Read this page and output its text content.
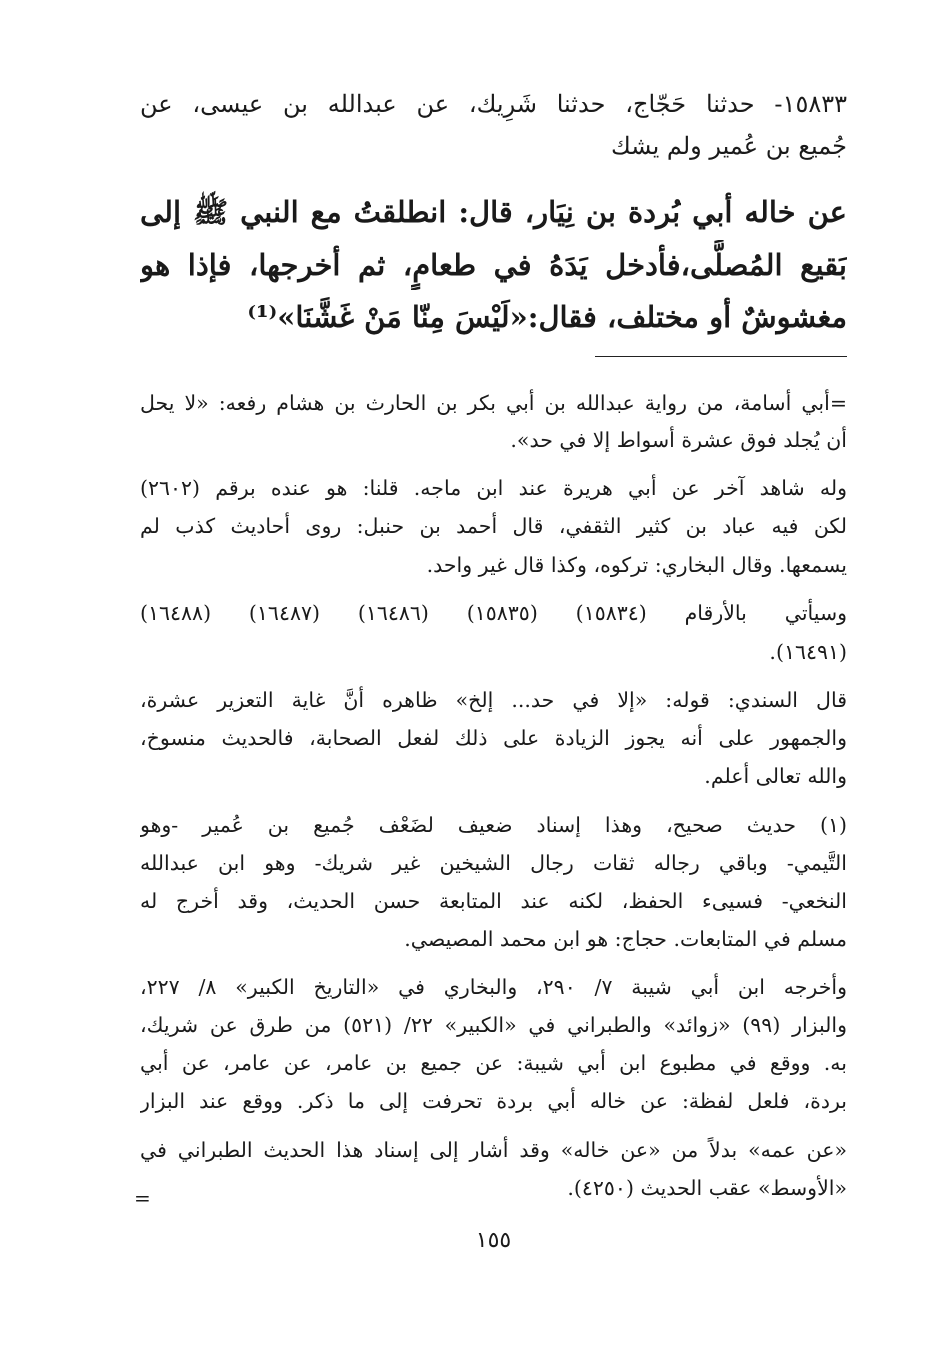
١٥٨٣٣- حدثنا حَجّاج، حدثنا شَرِيك، عن عبدالله بن عيسى، عن
جُميع بن عُمير ولم يشك
عن خاله أبي بُردة بن نِيَار، قال: انطلقتُ مع النبي ﷺ إلى
بَقيع المُصلَّى،فأدخل يَدَهُ في طعامٍ، ثم أخرجها، فإذا هو
مغشوشٌ أو مختلف، فقال:«لَيْسَ مِنّا مَنْ غَشَّنَا»⁽¹⁾
=أبي أسامة، من رواية عبدالله بن أبي بكر بن الحارث بن هشام رفعه: «لا يحل
أن يُجلد فوق عشرة أسواط إلا في حد».
وله شاهد آخر عن أبي هريرة عند ابن ماجه. قلنا: هو عنده برقم (٢٦٠٢)
لكن فيه عباد بن كثير الثقفي، قال أحمد بن حنبل: روى أحاديث كذب لم
يسمعها. وقال البخاري: تركوه، وكذا قال غير واحد.
وسيأتي بالأرقام (١٥٨٣٤) (١٥٨٣٥) (١٦٤٨٦) (١٦٤٨٧) (١٦٤٨٨)
(١٦٤٩١).
قال السندي: قوله: «إلا في حد... إلخ» ظاهره أنَّ غاية التعزير عشرة،
والجمهور على أنه يجوز الزيادة على ذلك لفعل الصحابة، فالحديث منسوخ،
والله تعالى أعلم.
(١) حديث صحيح، وهذا إسناد ضعيف لضَعْف جُميع بن عُمير -وهو
التَّيمي- وباقي رجاله ثقات رجال الشيخين غير شريك- وهو ابن عبدالله
النخعي- فسيىء الحفظ، لكنه عند المتابعة حسن الحديث، وقد أخرج له
مسلم في المتابعات. حجاج: هو ابن محمد المصيصي.
وأخرجه ابن أبي شيبة ٧/ ٢٩٠، والبخاري في «التاريخ الكبير» ٨/ ٢٢٧،
والبزار (٩٩) «زوائد» والطبراني في «الكبير» ٢٢/ (٥٢١) من طرق عن شريك،
به. ووقع في مطبوع ابن أبي شيبة: عن جميع بن عامر، عن عامر، عن أبي
بردة، فلعل لفظة: عن خاله أبي بردة تحرفت إلى ما ذكر. ووقع عند البزار
«عن عمه» بدلاً من «عن خاله» وقد أشار إلى إسناد هذا الحديث الطبراني في
«الأوسط» عقب الحديث (٤٢٥٠).
=
١٥٥
